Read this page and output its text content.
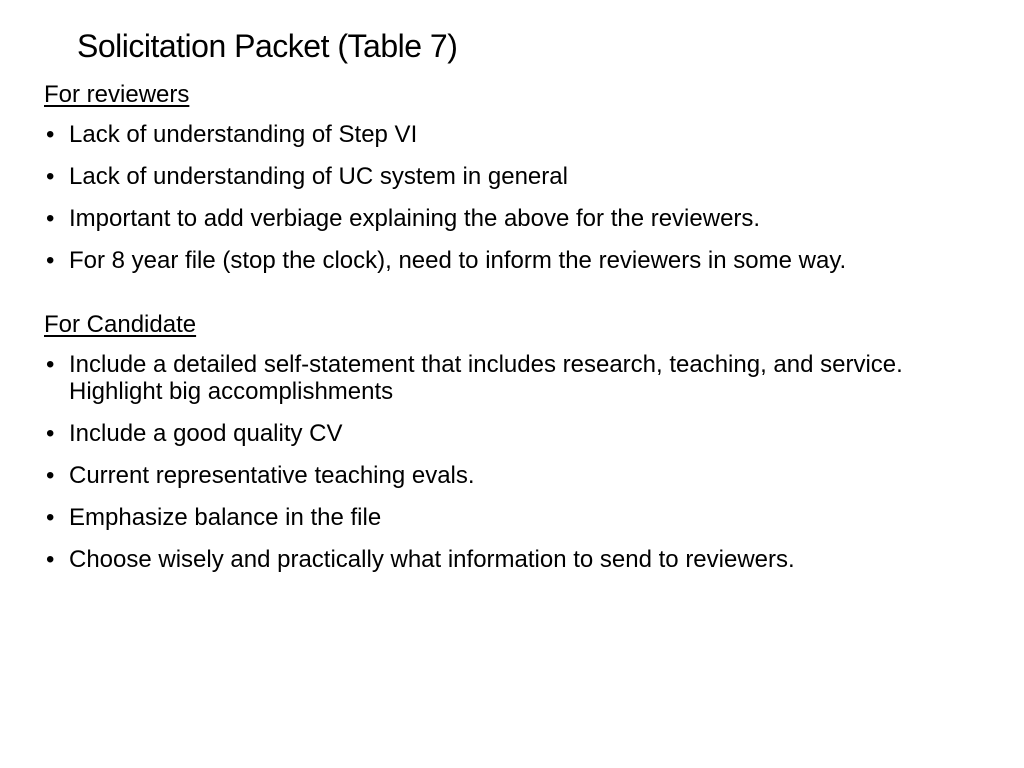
Solicitation Packet (Table 7)
For reviewers
• Lack of understanding of Step VI
• Lack of understanding of UC system in general
• Important to add verbiage explaining the above for the reviewers.
• For 8 year file (stop the clock), need to inform the reviewers in some way.
For Candidate
• Include a detailed self-statement that includes research, teaching, and service. Highlight big accomplishments
• Include a good quality CV
• Current representative teaching evals.
• Emphasize balance in the file
• Choose wisely and practically what information to send to reviewers.
